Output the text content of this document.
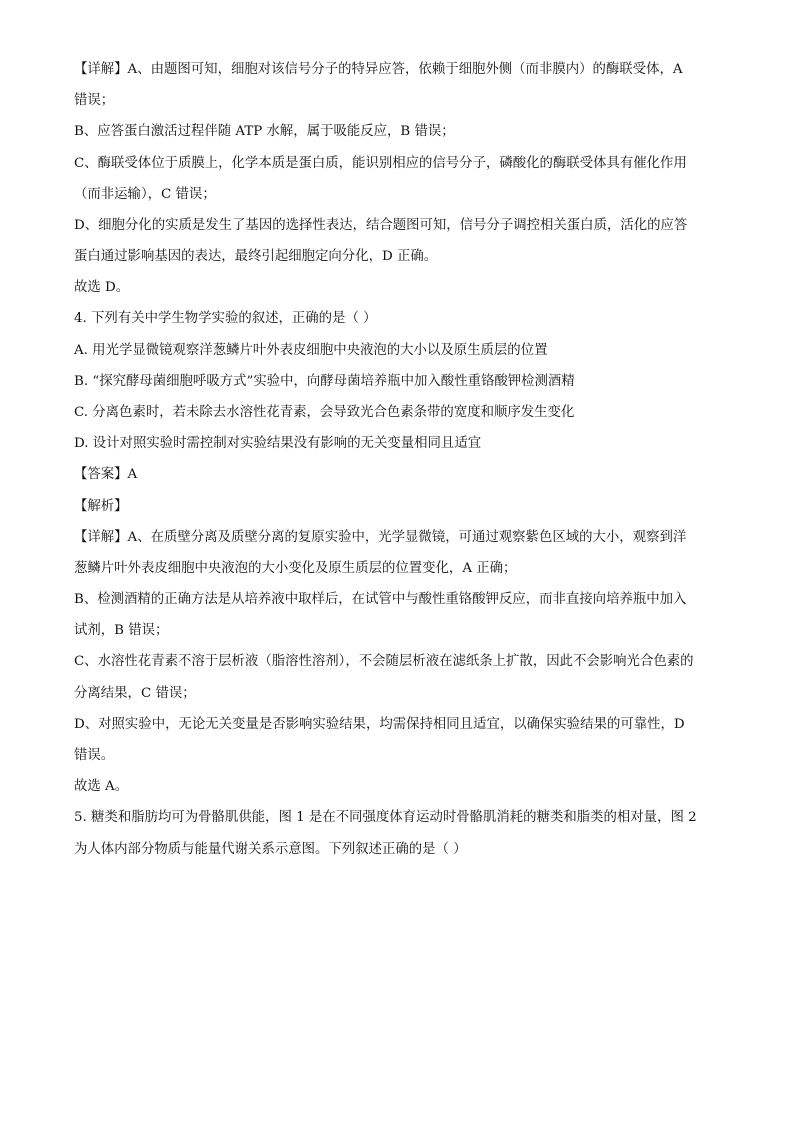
【详解】A、由题图可知，细胞对该信号分子的特异应答，依赖于细胞外侧（而非膜内）的酶联受体，A
错误；
B、应答蛋白激活过程伴随 ATP 水解，属于吸能反应，B 错误；
C、酶联受体位于质膜上，化学本质是蛋白质，能识别相应的信号分子，磷酸化的酶联受体具有催化作用
（而非运输），C 错误；
D、细胞分化的实质是发生了基因的选择性表达，结合题图可知，信号分子调控相关蛋白质，活化的应答
蛋白通过影响基因的表达，最终引起细胞定向分化，D 正确。
故选 D。
4. 下列有关中学生物学实验的叙述，正确的是（ ）
A. 用光学显微镜观察洋葱鳞片叶外表皮细胞中央液泡的大小以及原生质层的位置
B. “探究酵母菌细胞呼吸方式”实验中，向酵母菌培养瓶中加入酸性重铬酸钾检测酒精
C. 分离色素时，若未除去水溶性花青素，会导致光合色素条带的宽度和顺序发生变化
D. 设计对照实验时需控制对实验结果没有影响的无关变量相同且适宜
【答案】A
【解析】
【详解】A、在质壁分离及质壁分离的复原实验中，光学显微镜，可通过观察紫色区域的大小，观察到洋
葱鳞片叶外表皮细胞中央液泡的大小变化及原生质层的位置变化，A 正确；
B、检测酒精的正确方法是从培养液中取样后，在试管中与酸性重铬酸钾反应，而非直接向培养瓶中加入
试剂，B 错误；
C、水溶性花青素不溶于层析液（脂溶性溶剂），不会随层析液在滤纸条上扩散，因此不会影响光合色素的
分离结果，C 错误；
D、对照实验中，无论无关变量是否影响实验结果，均需保持相同且适宜，以确保实验结果的可靠性，D
错误。
故选 A。
5. 糖类和脂肪均可为骨骼肌供能，图 1 是在不同强度体育运动时骨骼肌消耗的糖类和脂类的相对量，图 2
为人体内部分物质与能量代谢关系示意图。下列叙述正确的是（ ）
